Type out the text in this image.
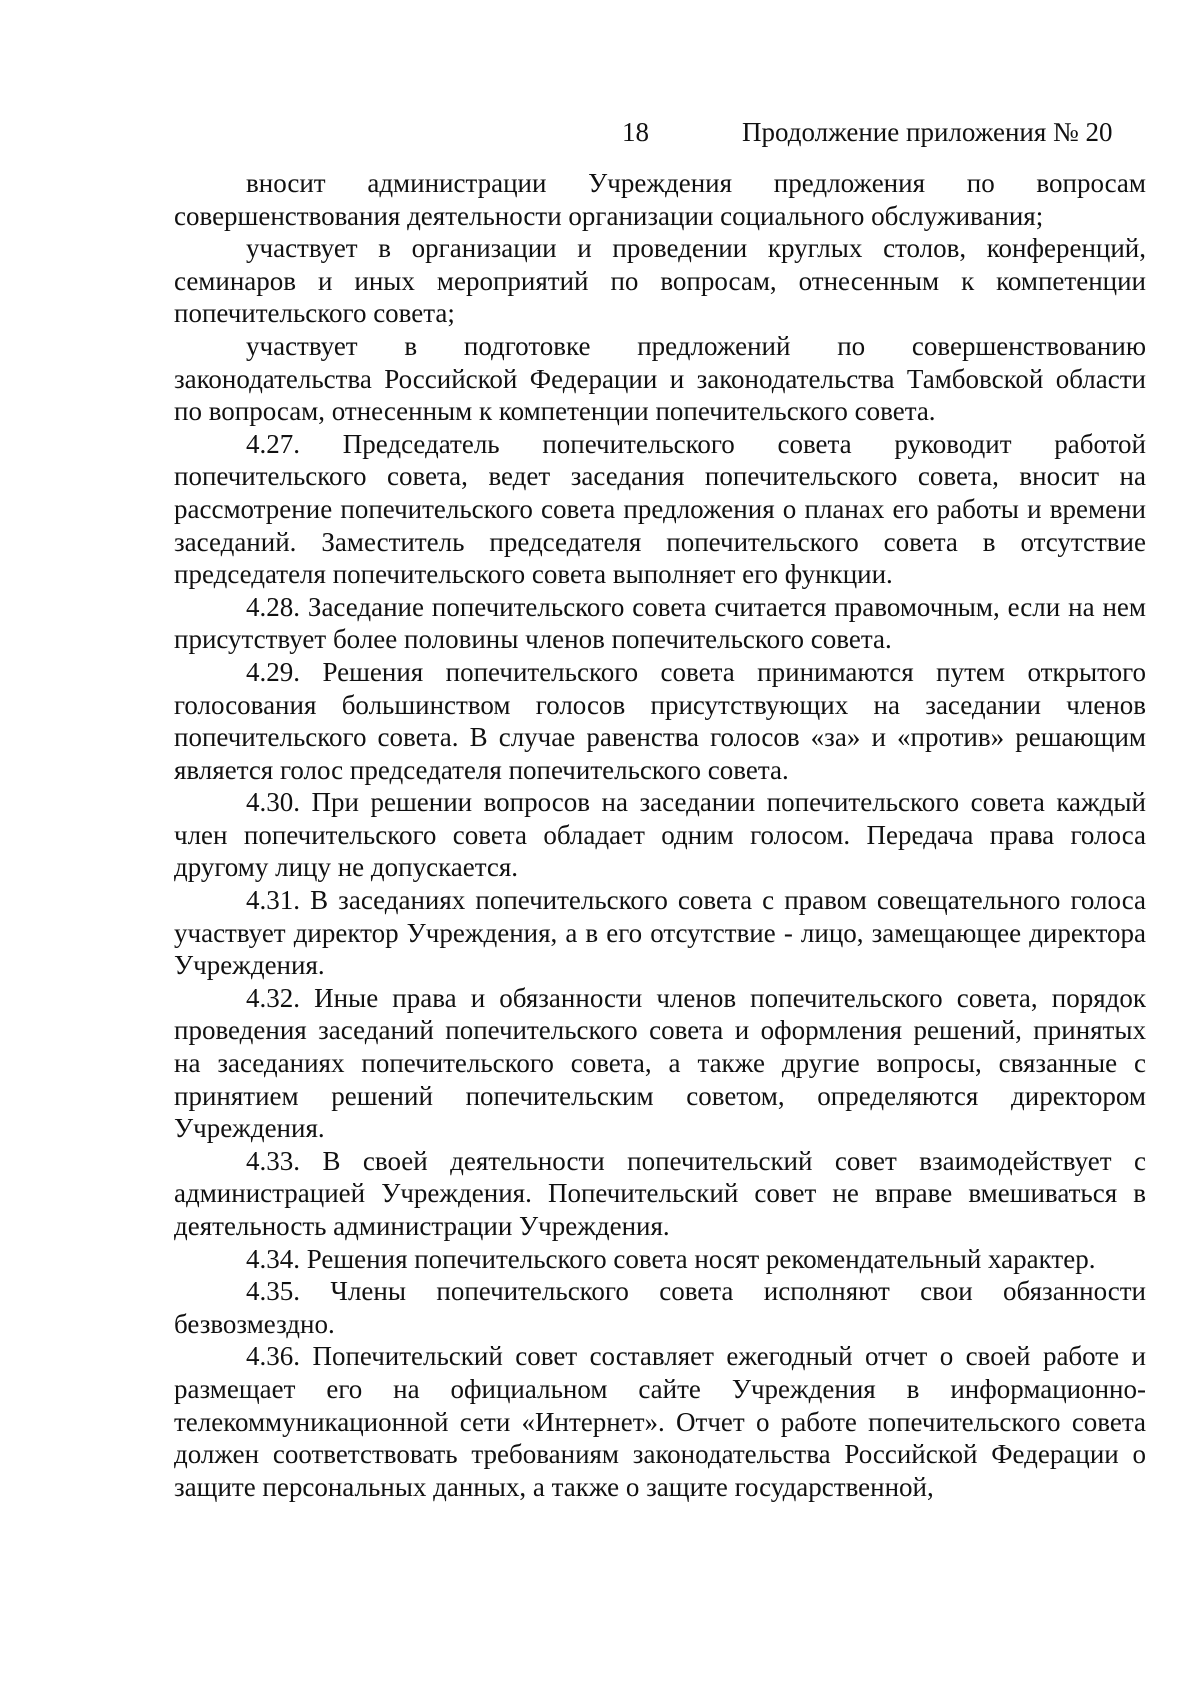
18	Продолжение приложения № 20

вносит администрации Учреждения предложения по вопросам совершенствования деятельности организации социального обслуживания;

участвует в организации и проведении круглых столов, конференций, семинаров и иных мероприятий по вопросам, отнесенным к компетенции попечительского совета;

участвует в подготовке предложений по совершенствованию законодательства Российской Федерации и законодательства Тамбовской области по вопросам, отнесенным к компетенции попечительского совета.

4.27. Председатель попечительского совета руководит работой попечительского совета, ведет заседания попечительского совета, вносит на рассмотрение попечительского совета предложения о планах его работы и времени заседаний. Заместитель председателя попечительского совета в отсутствие председателя попечительского совета выполняет его функции.

4.28. Заседание попечительского совета считается правомочным, если на нем присутствует более половины членов попечительского совета.

4.29. Решения попечительского совета принимаются путем открытого голосования большинством голосов присутствующих на заседании членов попечительского совета. В случае равенства голосов «за» и «против» решающим является голос председателя попечительского совета.

4.30. При решении вопросов на заседании попечительского совета каждый член попечительского совета обладает одним голосом. Передача права голоса другому лицу не допускается.

4.31. В заседаниях попечительского совета с правом совещательного голоса участвует директор Учреждения, а в его отсутствие - лицо, замещающее директора Учреждения.

4.32. Иные права и обязанности членов попечительского совета, порядок проведения заседаний попечительского совета и оформления решений, принятых на заседаниях попечительского совета, а также другие вопросы, связанные с принятием решений попечительским советом, определяются директором Учреждения.

4.33. В своей деятельности попечительский совет взаимодействует с администрацией Учреждения. Попечительский совет не вправе вмешиваться в деятельность администрации Учреждения.

4.34. Решения попечительского совета носят рекомендательный характер.

4.35. Члены попечительского совета исполняют свои обязанности безвозмездно.

4.36. Попечительский совет составляет ежегодный отчет о своей работе и размещает его на официальном сайте Учреждения в информационно-телекоммуникационной сети «Интернет». Отчет о работе попечительского совета должен соответствовать требованиям законодательства Российской Федерации о защите персональных данных, а также о защите государственной,
